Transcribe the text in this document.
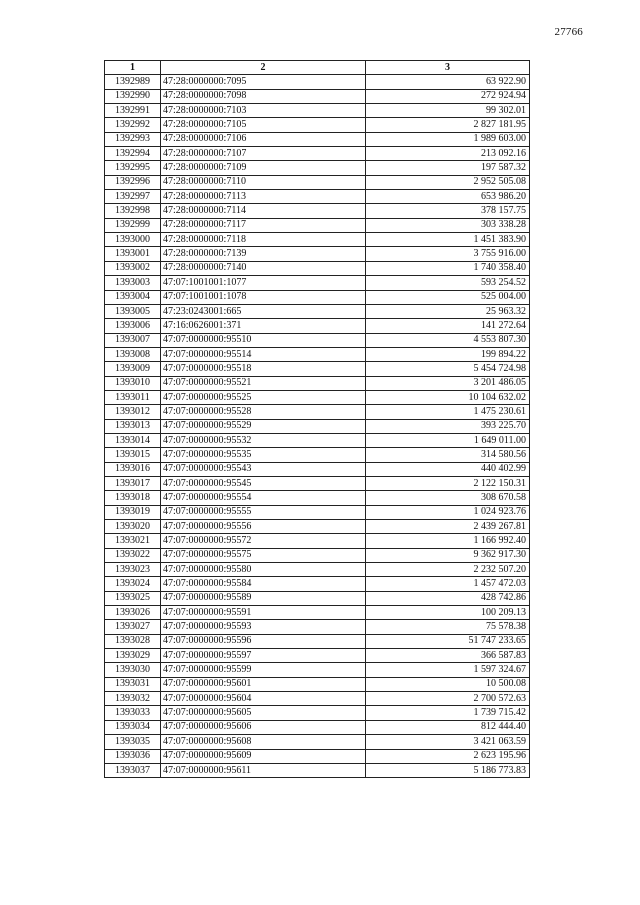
27766
1	2	3
1392989	47:28:0000000:7095	63 922.90
1392990	47:28:0000000:7098	272 924.94
1392991	47:28:0000000:7103	99 302.01
1392992	47:28:0000000:7105	2 827 181.95
1392993	47:28:0000000:7106	1 989 603.00
1392994	47:28:0000000:7107	213 092.16
1392995	47:28:0000000:7109	197 587.32
1392996	47:28:0000000:7110	2 952 505.08
1392997	47:28:0000000:7113	653 986.20
1392998	47:28:0000000:7114	378 157.75
1392999	47:28:0000000:7117	303 338.28
1393000	47:28:0000000:7118	1 451 383.90
1393001	47:28:0000000:7139	3 755 916.00
1393002	47:28:0000000:7140	1 740 358.40
1393003	47:07:1001001:1077	593 254.52
1393004	47:07:1001001:1078	525 004.00
1393005	47:23:0243001:665	25 963.32
1393006	47:16:0626001:371	141 272.64
1393007	47:07:0000000:95510	4 553 807.30
1393008	47:07:0000000:95514	199 894.22
1393009	47:07:0000000:95518	5 454 724.98
1393010	47:07:0000000:95521	3 201 486.05
1393011	47:07:0000000:95525	10 104 632.02
1393012	47:07:0000000:95528	1 475 230.61
1393013	47:07:0000000:95529	393 225.70
1393014	47:07:0000000:95532	1 649 011.00
1393015	47:07:0000000:95535	314 580.56
1393016	47:07:0000000:95543	440 402.99
1393017	47:07:0000000:95545	2 122 150.31
1393018	47:07:0000000:95554	308 670.58
1393019	47:07:0000000:95555	1 024 923.76
1393020	47:07:0000000:95556	2 439 267.81
1393021	47:07:0000000:95572	1 166 992.40
1393022	47:07:0000000:95575	9 362 917.30
1393023	47:07:0000000:95580	2 232 507.20
1393024	47:07:0000000:95584	1 457 472.03
1393025	47:07:0000000:95589	428 742.86
1393026	47:07:0000000:95591	100 209.13
1393027	47:07:0000000:95593	75 578.38
1393028	47:07:0000000:95596	51 747 233.65
1393029	47:07:0000000:95597	366 587.83
1393030	47:07:0000000:95599	1 597 324.67
1393031	47:07:0000000:95601	10 500.08
1393032	47:07:0000000:95604	2 700 572.63
1393033	47:07:0000000:95605	1 739 715.42
1393034	47:07:0000000:95606	812 444.40
1393035	47:07:0000000:95608	3 421 063.59
1393036	47:07:0000000:95609	2 623 195.96
1393037	47:07:0000000:95611	5 186 773.83
